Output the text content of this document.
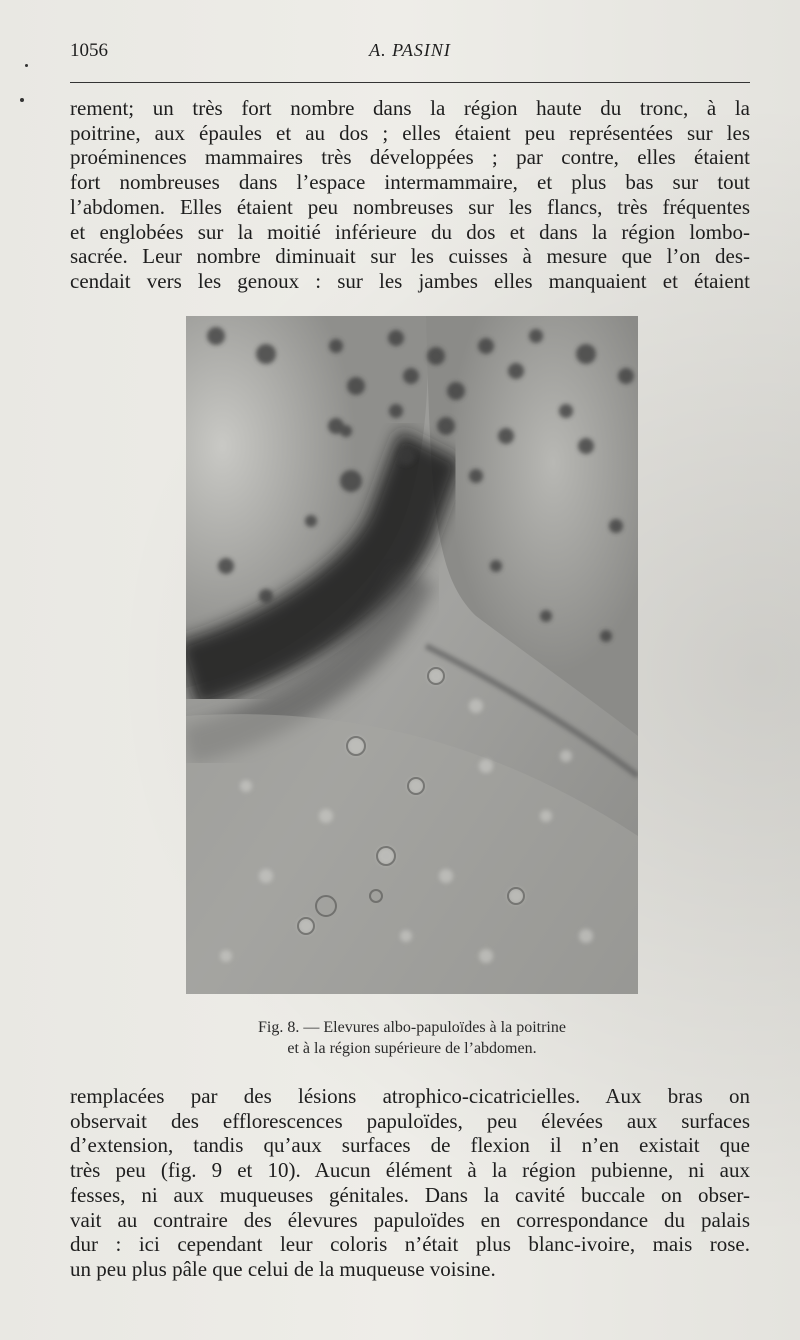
1056	A. PASINI
rement; un très fort nombre dans la région haute du tronc, à la
poitrine, aux épaules et au dos ; elles étaient peu représentées sur les
proéminences mammaires très développées ; par contre, elles étaient
fort nombreuses dans l’espace intermammaire, et plus bas sur tout
l’abdomen. Elles étaient peu nombreuses sur les flancs, très fréquentes
et englobées sur la moitié inférieure du dos et dans la région lombo-
sacrée. Leur nombre diminuait sur les cuisses à mesure que l’on des-
cendait vers les genoux : sur les jambes elles manquaient et étaient
Fig. 8. — Elevures albo-papuloïdes à la poitrine
et à la région supérieure de l’abdomen.
remplacées par des lésions atrophico-cicatricielles. Aux bras on
observait des efflorescences papuloïdes, peu élevées aux surfaces
d’extension, tandis qu’aux surfaces de flexion il n’en existait que
très peu (fig. 9 et 10). Aucun élément à la région pubienne, ni aux
fesses, ni aux muqueuses génitales. Dans la cavité buccale on obser-
vait au contraire des élevures papuloïdes en correspondance du palais
dur : ici cependant leur coloris n’était plus blanc-ivoire, mais rose.
un peu plus pâle que celui de la muqueuse voisine.
